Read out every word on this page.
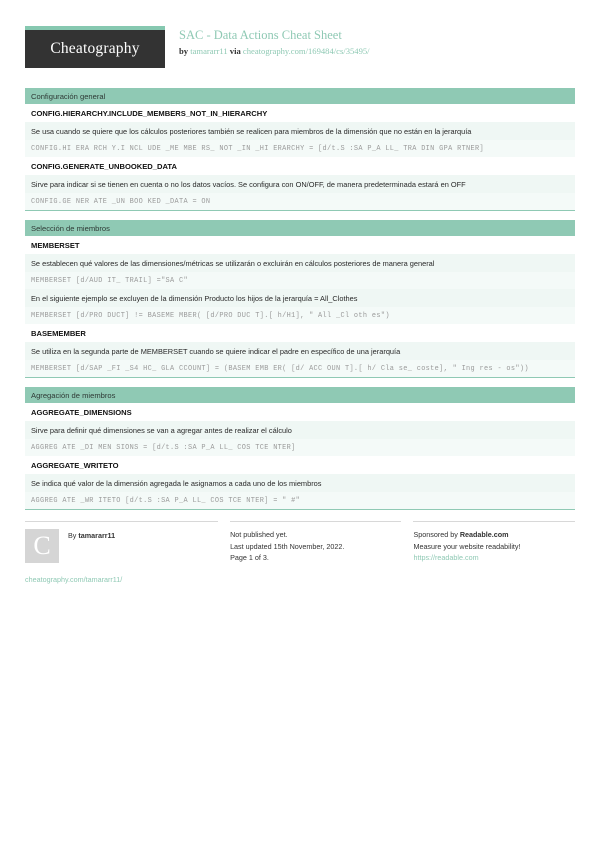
Cheatography
SAC - Data Actions Cheat Sheet
by tamararr11 via cheatography.com/169484/cs/35495/
Configuración general
CONFIG.HIERARCHY.INCLUDE_MEMBERS_NOT_IN_HIERARCHY
Se usa cuando se quiere que los cálculos posteriores también se realicen para miembros de la dimensión que no están en la jerarquía
CONFIG.HI ERA RCH Y.I NCL UDE _ME MBE RS_ NOT _IN _HI ERARCHY = [d/t.S :SA P_A LL_ TRA DIN GPA RTNER]
CONFIG.GENERATE_UNBOOKED_DATA
Sirve para indicar si se tienen en cuenta o no los datos vacíos. Se configura con ON/OFF, de manera predeterminada estará en OFF
CONFIG.GE NER ATE _UN BOO KED _DATA = ON
Selección de miembros
MEMBERSET
Se establecen qué valores de las dimensiones/métricas se utilizarán o excluirán en cálculos posteriores de manera general
MEMBERSET [d/AUD IT_ TRAIL] ="SA C"
En el siguiente ejemplo se excluyen de la dimensión Producto los hijos de la jerarquía = All_Clothes
MEMBERSET [d/PRO DUCT] != BASEME MBER( [d/PRO DUC T].[ h/H1], " All _Cl oth es")
BASEMEMBER
Se utiliza en la segunda parte de MEMBERSET cuando se quiere indicar el padre en específico de una jerarquía
MEMBERSET [d/SAP _FI _S4 HC_ GLA CCOUNT] = (BASEM EMB ER( [d/ ACC OUN T].[ h/ Cla se_ coste], " Ing res - os"))
Agregación de miembros
AGGREGATE_DIMENSIONS
Sirve para definir qué dimensiones se van a agregar antes de realizar el cálculo
AGGREG ATE _DI MEN SIONS = [d/t.S :SA P_A LL_ COS TCE NTER]
AGGREGATE_WRITETO
Se indica qué valor de la dimensión agregada le asignamos a cada uno de los miembros
AGGREG ATE _WR ITETO [d/t.S :SA P_A LL_ COS TCE NTER] = " #"
C	By tamararr11
cheatography.com/tamararr11/
Not published yet.
Last updated 15th November, 2022.
Page 1 of 3.
Sponsored by Readable.com
Measure your website readability!
https://readable.com
